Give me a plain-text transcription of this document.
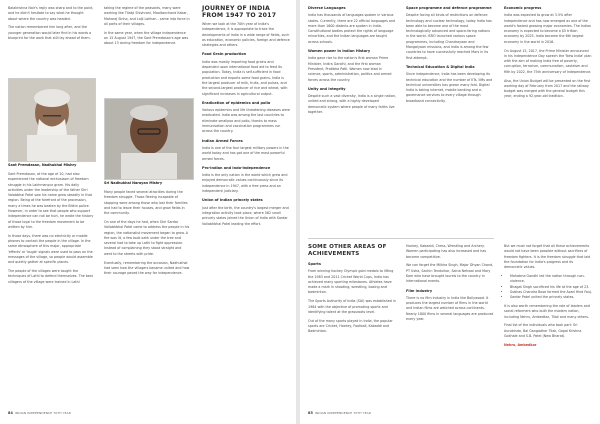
Balakrishna Nair's reply was sharp and to the point, and he didn't hesitate to say what he thought about where the country was headed.

The nation remembered him long after, and the younger generation would later find in his words a blueprint for the work that still lay ahead of them.

Sant Premdasan, Nadhukhal Mishry

Sant Premdasan, at the age of 10, had also experienced the national enthusiasm of freedom struggle in his Lakhmanpur gram. His daily activities under the leadership of the father Shri Valabbhai Patel saw his name grow steadily in that region. Being at the forefront of the procession, many a times he was beaten by the Bitkin police. However, in order to see that people who support independence can not be hurt, he wrote the history of those loyal to the freedom movement to be written by him.

In those days, there was no electricity or mobile phones to contact the people in the village. In the same atmosphere of this major, appropriate 'effects' or 'bugle' signals were used to pass on the messages of the village, so people would assemble and quietly gather at specific places.

The people of the villages were taught the techniques of Lathi to defend themselves. The best villagers of the village were trained in Lathi

taking the regime of the peasants, many were working like Tilakji Shivhrani, Mooltanchand Kakar, Maharaj Sinha, and Lalji Lokhan - came into force in all parts of their villages.

In the same year, when the village independence on 15 August 1947, the Sant Premdasan's age was about 13 during freedom for independence.

Sri Nadhukhal Narayan Mishry

Many people faced several atrocities during the freedom struggle. Those fleeing incapable of stopping were among those who lost their families and had to leave their houses, and grow fields in the community.

On one of the days he had, when Shri Sardar Vallabhbhai Patel came to address the people in his region, the nationalist movement began to grow. A fire was lit, a few took oath under the tree and several had to take up Lathi to fight oppression. Instead of complaining they stood straight and went to the streets with pride.

Eventually, remembering the occasion, Nadhukhal had seen how the villagers became united and how their courage paved the way for independence.

JOURNEY OF INDIA
FROM 1947 TO 2017

When we look at the 70th year of India's independence, it is appropriate to trace the developments of India in a wide range of fields, such as education, economic policies, foreign and defence strategies and others.

Food Grain production

India was mostly importing food grains and depended upon international food aid to feed its population. Today, India is self-sufficient in food production and exports some food grains. India is the largest producer of milk, fruits, and pulses, and the second-largest producer of rice and wheat, with significant increases in agricultural output.

Eradication of epidemics and polio

Various epidemics and life threatening diseases were eradicated. India was among the last countries to eliminate smallpox and polio, thanks to mass immunisation and vaccination programmes run across the country.

Indian Armed Forces

India is one of the four largest military powers in the world today and has got one of the most powerful armed forces.

Pro-Indian and Indo-independence

India is the only nation in the world which grew and enjoyed democratic values continuously since its independence in 1947, with a free press and an independent judiciary.

Union of Indian princely states

Just after the birth, the country's largest merger and integration activity took place, where 562 small princely states joined the Union of India with Sardar Vallabhbhai Patel leading the effort.

84 INDIAN INDEPENDENCE 70TH YEAR
Diverse Languages

India has thousands of languages spoken in various states. Currently, there are 22 official languages and more than 1600 dialects are spoken in India. Constitutional bodies protect the rights of language minorities, and the Indian languages are taught across schools.

Women power in Indian History

India gave rise to the nation's first woman Prime Minister, Indira Gandhi, and the first woman President, Pratibha Patil. Women now lead in science, sports, administration, politics and armed forces across the country.

Unity and Integrity

Despite such a vast diversity, India is a single nation, united and strong, with a highly developed democratic system where people of many faiths live together.

Space programme and defence programme

Despite facing all kinds of restrictions on defence technology and nuclear technology, today India has been able to become one of the most technologically advanced and space-faring nations in the world. ISRO launched various space programmes, including Chandrayaan and Mangalyaan missions, and India is among the few countries to have successfully reached Mars in its first attempt.

Technical Education & Digital India

Since independence, India has been developing its technical education and the number of IITs, IIMs and technical universities has grown many fold. Digital India is taking internet, mobile banking and e-governance services to every village through broadband connectivity.

Economic progress

India was expected to grow at 3.5% after Independence and has now emerged as one of the world's fastest growing major economies. The Indian economy is expected to become a $5 trillion economy by 2025. India became the 6th largest economy in the world in 2016.

On August 15, 2017, the Prime Minister announced in his Independence Day speech the 'New India' plan with the aim of making India free of poverty, corruption, terrorism, communalism, casteism and filth by 2022, the 75th anniversary of Independence.

Also, the Union Budget will be presented on the first working day of February from 2017 and the railway budget was merged with the general budget this year, ending a 92-year-old tradition.

SOME OTHER AREAS OF
ACHIEVEMENTS
Sports

From winning hockey Olympic gold medals to lifting the 1983 and 2011 Cricket World Cups, India has achieved many sporting milestones. Athletes have made a mark in shooting, wrestling, boxing and badminton.

The Sports Authority of India (SAI) was established in 1984 with the objective of promoting sports and identifying talent at the grassroots level.

Out of the many sports played in India, the popular sports are Cricket, Hockey, Football, Kabaddi and Badminton.

Hockey, Kabaddi, Chess, Wrestling and Archery. Women participating has also increased and has become competitive.

We can forget the Milkha Singh, Major Dhyan Chand, PT Usha, Sachin Tendulkar, Saina Nehwal and Mary Kom who have brought laurels to the country in international events.

Film industry

There is no film industry in India like Bollywood. It produces the largest number of films in the world and Indian films are watched across continents. Nearly 1800 films in several languages are produced every year.

But we must not forget that all these achievements would not have been possible without sacrifices of freedom fighters. It is the freedom struggle that laid the foundation for India's progress and its democratic values.

• Mahatma Gandhi led the nation through non-violence.
• Bhagat Singh sacrificed his life at the age of 23.
• Subhas Chandra Bose formed the Azad Hind Fauj.
• Sardar Patel united the princely states.

It is also worth remembering the role of leaders and social reformers who built the modern nation, including Nehru, Ambedkar, Tilak and many others.

Final list of the individuals who took part: Sri Aurobindo, Bal Gangadhar Tilak, Gopal Krishna Gokhale and S.B. Patel (New Bharat).

Nehru, Ambedkar

85 INDIAN INDEPENDENCE 70TH YEAR
